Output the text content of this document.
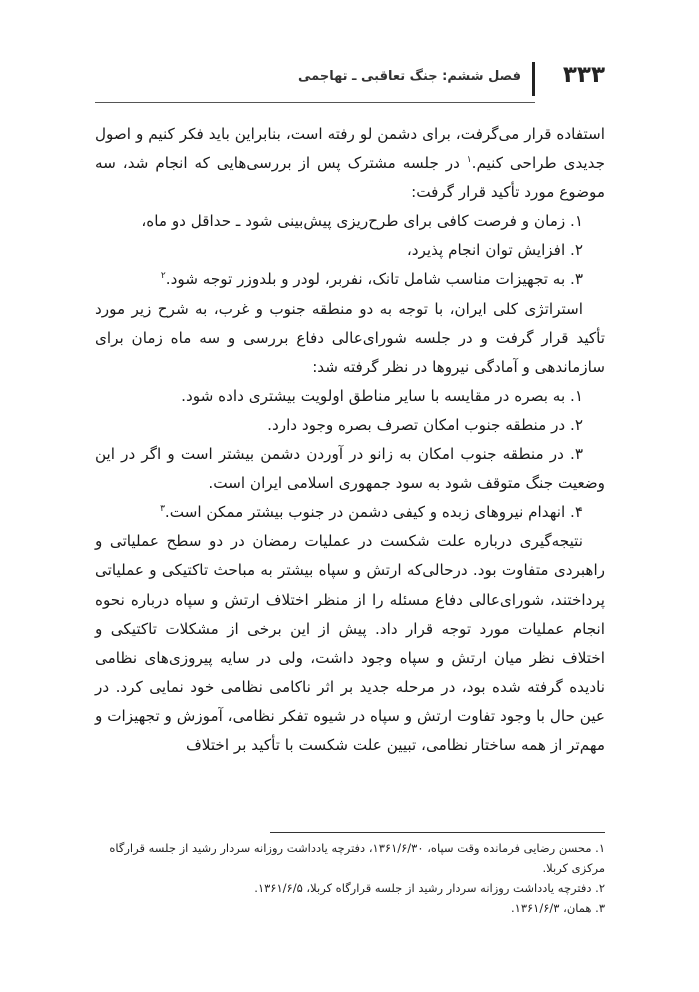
۳۳۳
فصل ششم: جنگ تعاقبی ـ تهاجمی

استفاده قرار می‌گرفت، برای دشمن لو رفته است، بنابراین باید فکر کنیم و اصول جدیدی طراحی کنیم.$^۱$ در جلسه مشترک پس از بررسی‌هایی که انجام شد، سه موضوع مورد تأکید قرار گرفت:

۱. زمان و فرصت کافی برای طرح‌ریزی پیش‌بینی شود ـ حداقل دو ماه،

۲. افزایش توان انجام پذیرد،

۳. به تجهیزات مناسب شامل تانک، نفربر، لودر و بلدوزر توجه شود.$^۲$

استراتژی کلی ایران، با توجه به دو منطقه جنوب و غرب، به شرح زیر مورد تأکید قرار گرفت و در جلسه شورای‌عالی دفاع بررسی و سه ماه زمان برای سازماندهی و آمادگی نیروها در نظر گرفته شد:

۱. به بصره در مقایسه با سایر مناطق اولویت بیشتری داده شود.

۲. در منطقه جنوب امکان تصرف بصره وجود دارد.

۳. در منطقه جنوب امکان به زانو در آوردن دشمن بیشتر است و اگر در این وضعیت جنگ متوقف شود به سود جمهوری اسلامی ایران است.

۴. انهدام نیروهای زبده و کیفی دشمن در جنوب بیشتر ممکن است.$^۳$

نتیجه‌گیری درباره علت شکست در عملیات رمضان در دو سطح عملیاتی و راهبردی متفاوت بود. درحالی‌که ارتش و سپاه بیشتر به مباحث تاکتیکی و عملیاتی پرداختند، شورای‌عالی دفاع مسئله را از منظر اختلاف ارتش و سپاه درباره نحوه انجام عملیات مورد توجه قرار داد. پیش از این برخی از مشکلات تاکتیکی و اختلاف نظر میان ارتش و سپاه وجود داشت، ولی در سایه پیروزی‌های نظامی نادیده گرفته شده بود، در مرحله جدید بر اثر ناکامی نظامی خود نمایی کرد. در عین حال با وجود تفاوت ارتش و سپاه در شیوه تفکر نظامی، آموزش و تجهیزات و مهم‌تر از همه ساختار نظامی، تبیین علت شکست با تأکید بر اختلاف

۱. محسن رضایی فرمانده وقت سپاه، ۱۳۶۱/۶/۳۰، دفترچه یادداشت روزانه سردار رشید از جلسه قرارگاه مرکزی کربلا.

۲. دفترچه یادداشت روزانه سردار رشید از جلسه قرارگاه کربلا، ۱۳۶۱/۶/۵.

۳. همان، ۱۳۶۱/۶/۳.
